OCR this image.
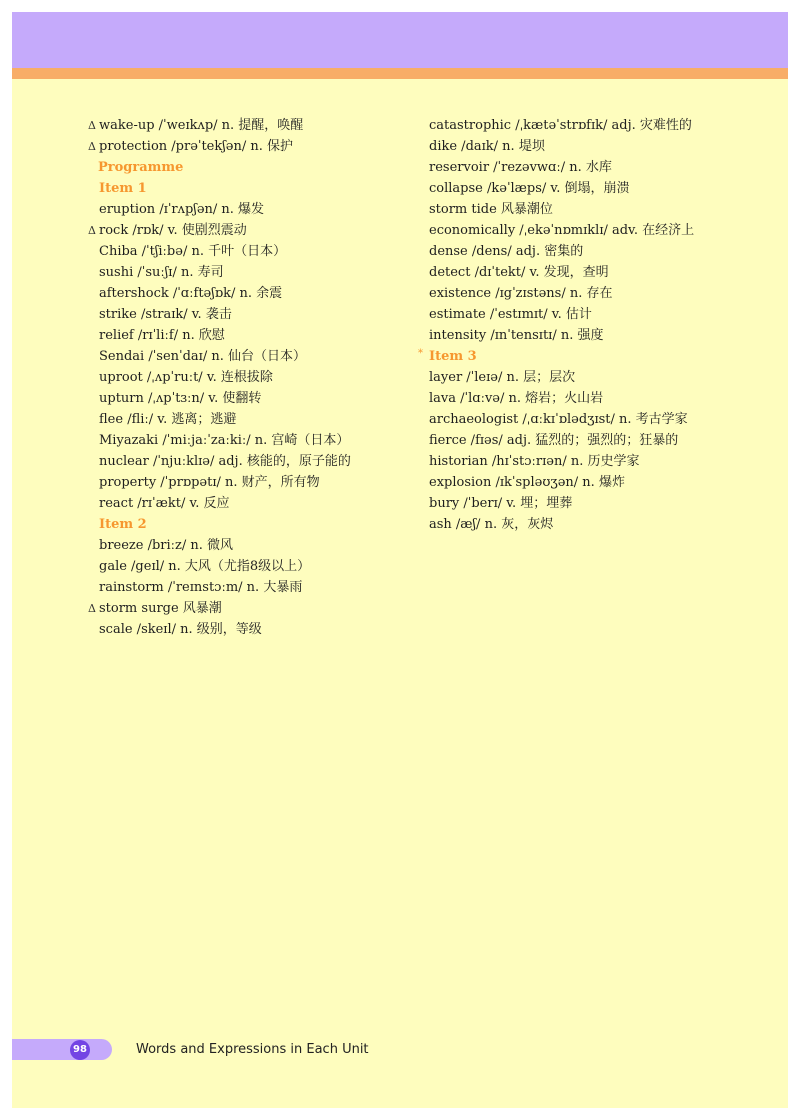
Δ wake-up /ˈweɪkʌp/ n. 提醒，唤醒
Δ protection /prəˈtekʃən/ n. 保护
Programme
Item 1
eruption /ɪˈrʌpʃən/ n. 爆发
Δ rock /rɒk/ v. 使剧烈震动
Chiba /ˈtʃiːbə/ n. 千叶（日本）
sushi /ˈsuːʃɪ/ n. 寿司
aftershock /ˈɑːftəʃɒk/ n. 余震
strike /straɪk/ v. 袭击
relief /rɪˈliːf/ n. 欣慰
Sendai /ˈsenˈdaɪ/ n. 仙台（日本）
uproot /ˌʌpˈruːt/ v. 连根拔除
upturn /ˌʌpˈtɜːn/ v. 使翻转
flee /fliː/ v. 逃离；逃避
Miyazaki /ˈmiːjaːˈzaːkiː/ n. 宫崎（日本）
nuclear /ˈnjuːklɪə/ adj. 核能的，原子能的
property /ˈprɒpətɪ/ n. 财产，所有物
react /rɪˈækt/ v. 反应
Item 2
breeze /briːz/ n. 微风
gale /geɪl/ n. 大风（尤指8级以上）
rainstorm /ˈreɪnstɔːm/ n. 大暴雨
Δ storm surge 风暴潮
scale /skeɪl/ n. 级别，等级
catastrophic /ˌkætəˈstrɒfɪk/ adj. 灾难性的
dike /daɪk/ n. 堤坝
reservoir /ˈrezəvwɑː/ n. 水库
collapse /kəˈlæps/ v. 倒塌，崩溃
storm tide 风暴潮位
economically /ˌekəˈnɒmɪklɪ/ adv. 在经济上
dense /dens/ adj. 密集的
detect /dɪˈtekt/ v. 发现，查明
existence /ɪgˈzɪstəns/ n. 存在
estimate /ˈestɪmɪt/ v. 估计
intensity /ɪnˈtensɪtɪ/ n. 强度
* Item 3
layer /ˈleɪə/ n. 层；层次
lava /ˈlɑːvə/ n. 熔岩；火山岩
archaeologist /ˌɑːkɪˈɒlədʒɪst/ n. 考古学家
fierce /fɪəs/ adj. 猛烈的；强烈的；狂暴的
historian /hɪˈstɔːrɪən/ n. 历史学家
explosion /ɪkˈspləʊʒən/ n. 爆炸
bury /ˈberɪ/ v. 埋；埋葬
ash /æʃ/ n. 灰，灰烬
98	Words and Expressions in Each Unit
